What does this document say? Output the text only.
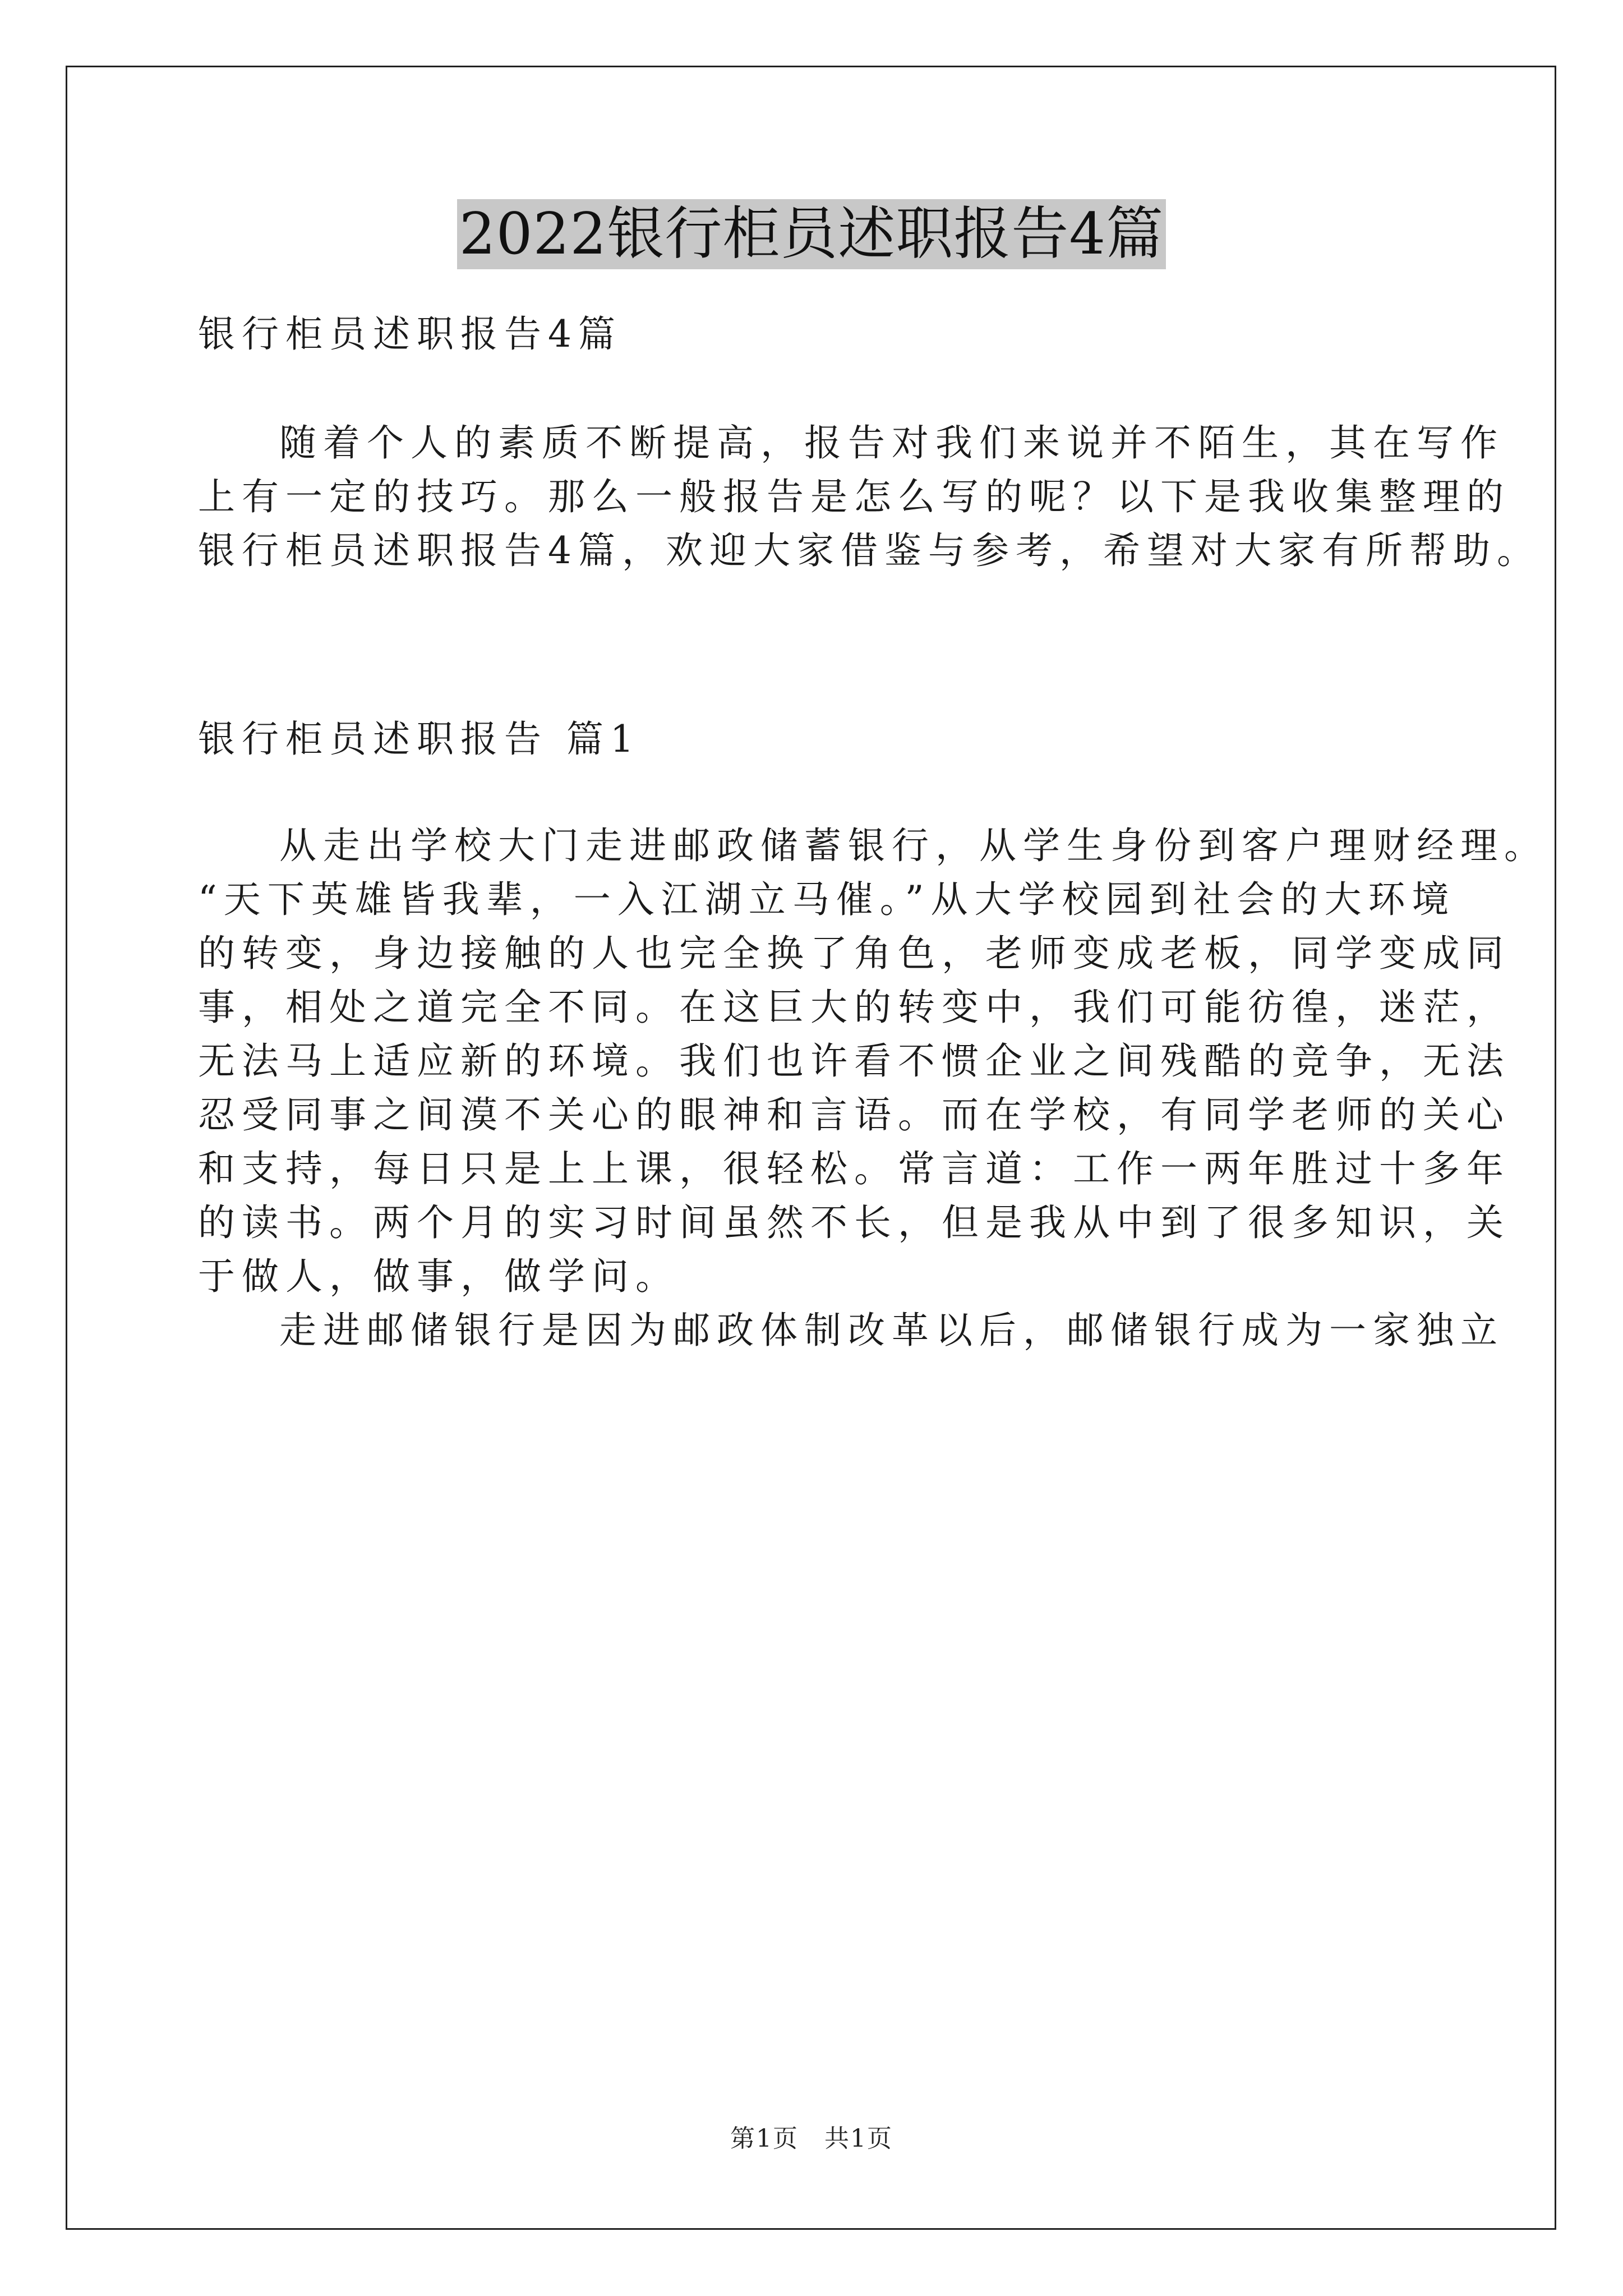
2022银行柜员述职报告4篇
银行柜员述职报告4篇
随着个人的素质不断提高，报告对我们来说并不陌生，其在写作
上有一定的技巧。那么一般报告是怎么写的呢？以下是我收集整理的
银行柜员述职报告4篇，欢迎大家借鉴与参考，希望对大家有所帮助。
银行柜员述职报告 篇1
从走出学校大门走进邮政储蓄银行，从学生身份到客户理财经理。
“天下英雄皆我辈，一入江湖立马催。”从大学校园到社会的大环境
的转变，身边接触的人也完全换了角色，老师变成老板，同学变成同
事，相处之道完全不同。在这巨大的转变中，我们可能彷徨，迷茫，
无法马上适应新的环境。我们也许看不惯企业之间残酷的竞争，无法
忍受同事之间漠不关心的眼神和言语。而在学校，有同学老师的关心
和支持，每日只是上上课，很轻松。常言道：工作一两年胜过十多年
的读书。两个月的实习时间虽然不长，但是我从中到了很多知识，关
于做人，做事，做学问。
走进邮储银行是因为邮政体制改革以后，邮储银行成为一家独立
第1页　共1页
